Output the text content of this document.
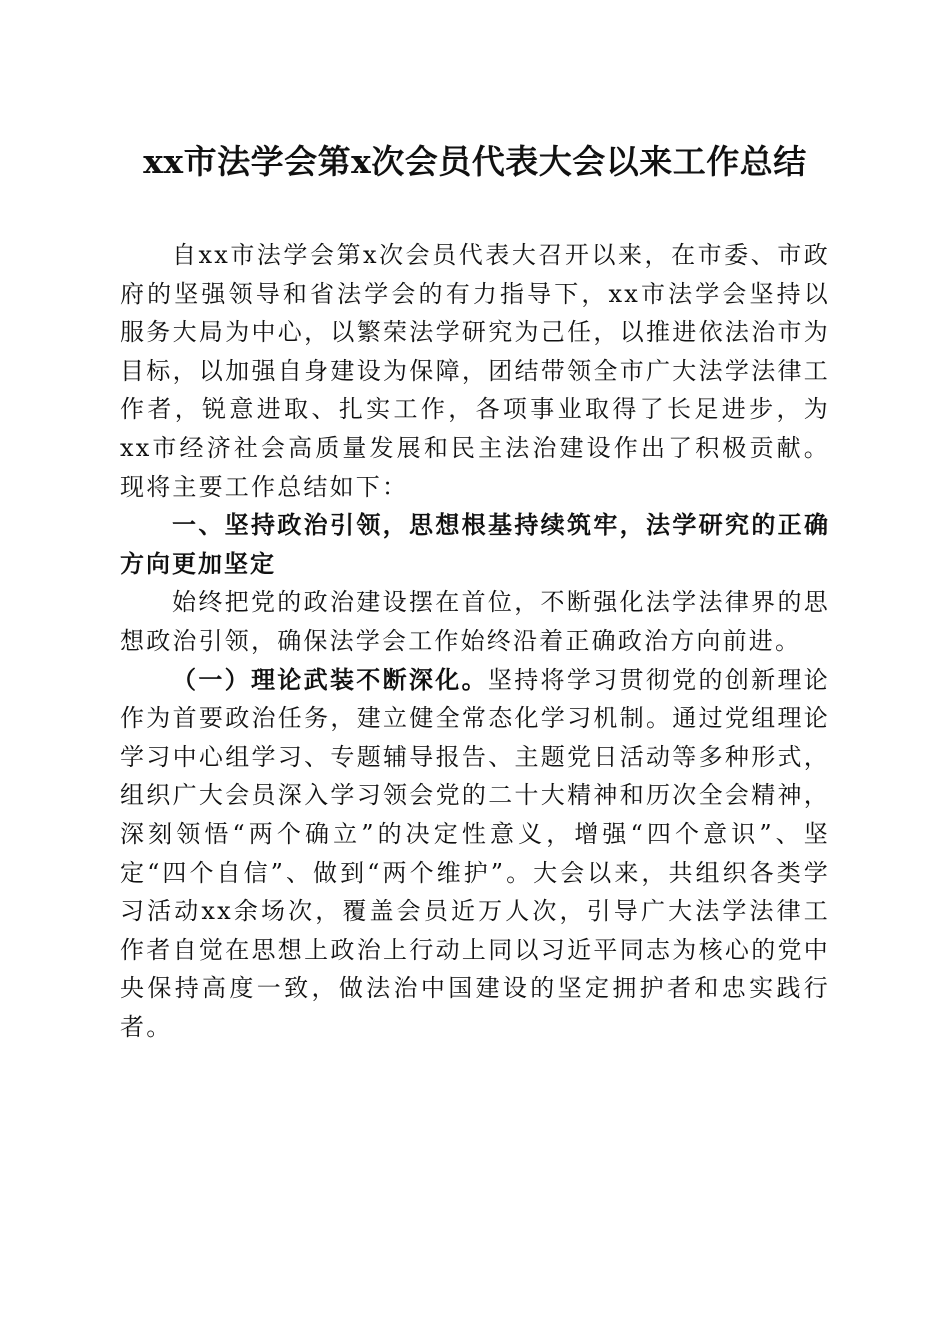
xx市法学会第x次会员代表大会以来工作总结

自xx市法学会第x次会员代表大召开以来，在市委、市政府的坚强领导和省法学会的有力指导下，xx市法学会坚持以服务大局为中心，以繁荣法学研究为己任，以推进依法治市为目标，以加强自身建设为保障，团结带领全市广大法学法律工作者，锐意进取、扎实工作，各项事业取得了长足进步，为xx市经济社会高质量发展和民主法治建设作出了积极贡献。现将主要工作总结如下：

一、坚持政治引领，思想根基持续筑牢，法学研究的正确方向更加坚定

始终把党的政治建设摆在首位，不断强化法学法律界的思想政治引领，确保法学会工作始终沿着正确政治方向前进。

（一）理论武装不断深化。坚持将学习贯彻党的创新理论作为首要政治任务，建立健全常态化学习机制。通过党组理论学习中心组学习、专题辅导报告、主题党日活动等多种形式，组织广大会员深入学习领会党的二十大精神和历次全会精神，深刻领悟“两个确立”的决定性意义，增强“四个意识”、坚定“四个自信”、做到“两个维护”。大会以来，共组织各类学习活动xx余场次，覆盖会员近万人次，引导广大法学法律工作者自觉在思想上政治上行动上同以习近平同志为核心的党中央保持高度一致，做法治中国建设的坚定拥护者和忠实践行者。
